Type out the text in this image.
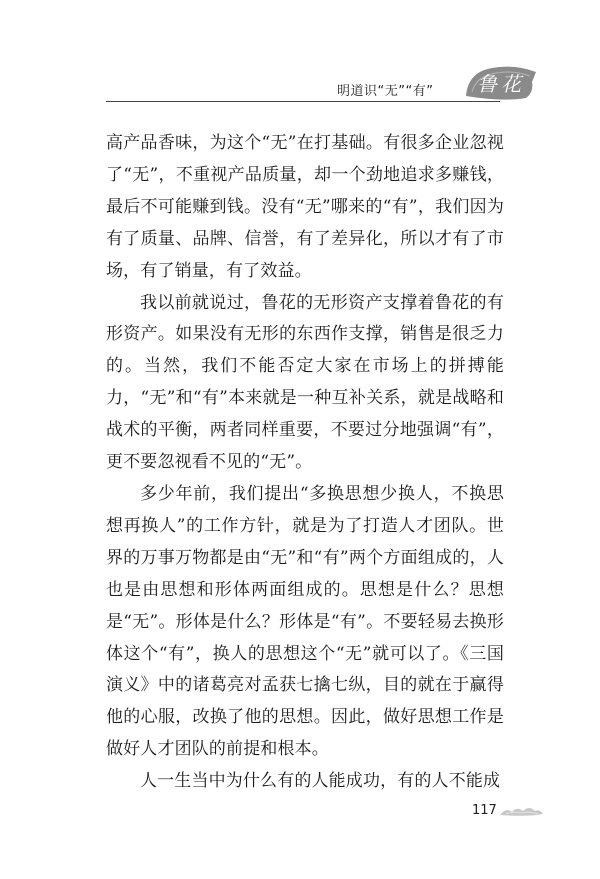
明道识“无”“有”	鲁花

高产品香味，为这个“无”在打基础。有很多企业忽视了“无”，不重视产品质量，却一个劲地追求多赚钱，最后不可能赚到钱。没有“无”哪来的“有”，我们因为有了质量、品牌、信誉，有了差异化，所以才有了市场，有了销量，有了效益。

我以前就说过，鲁花的无形资产支撑着鲁花的有形资产。如果没有无形的东西作支撑，销售是很乏力的。当然，我们不能否定大家在市场上的拼搏能力，“无”和“有”本来就是一种互补关系，就是战略和战术的平衡，两者同样重要，不要过分地强调“有”，更不要忽视看不见的“无”。

多少年前，我们提出“多换思想少换人，不换思想再换人”的工作方针，就是为了打造人才团队。世界的万事万物都是由“无”和“有”两个方面组成的，人也是由思想和形体两面组成的。思想是什么？思想是“无”。形体是什么？形体是“有”。不要轻易去换形体这个“有”，换人的思想这个“无”就可以了。《三国演义》中的诸葛亮对孟获七擒七纵，目的就在于赢得他的心服，改换了他的思想。因此，做好思想工作是做好人才团队的前提和根本。

人一生当中为什么有的人能成功，有的人不能成

117
